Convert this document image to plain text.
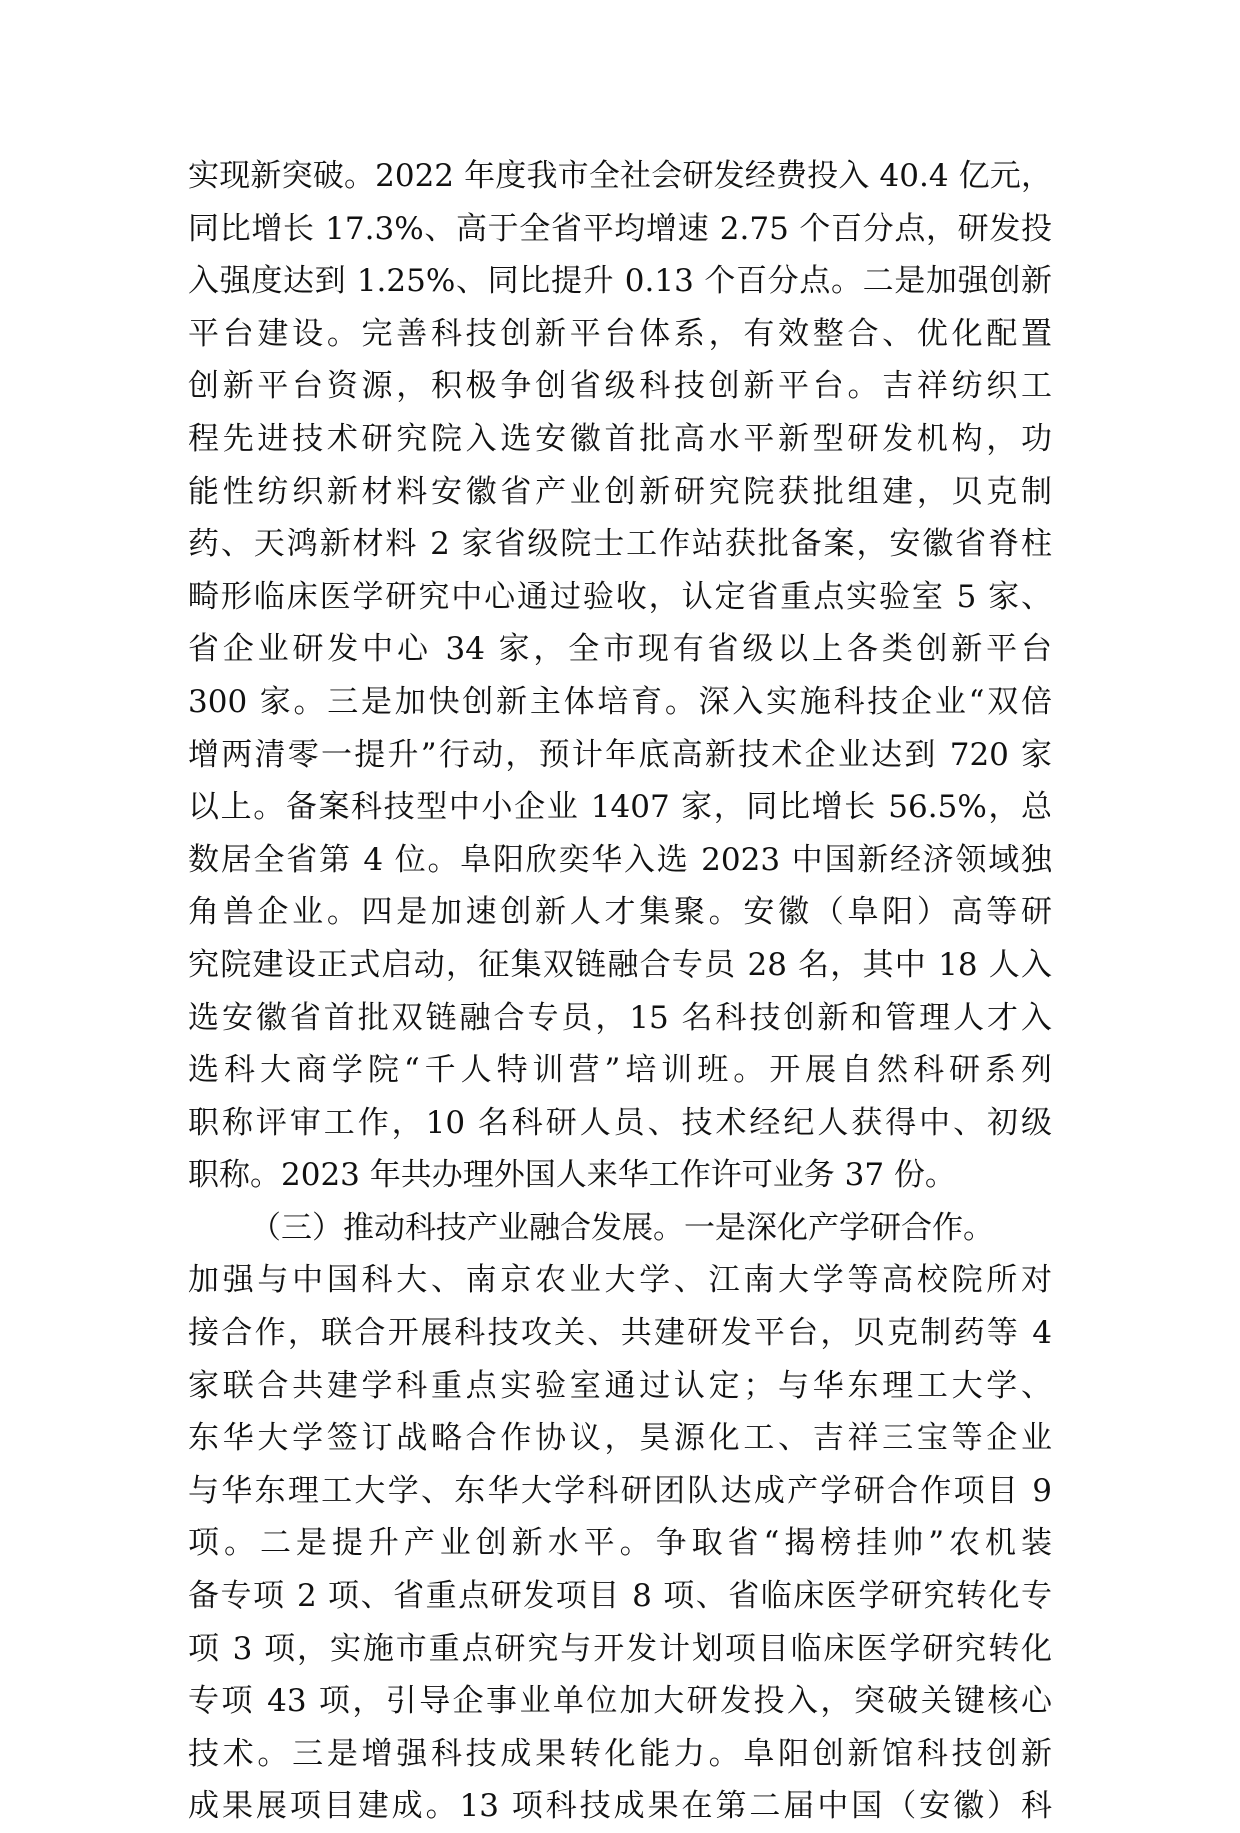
实现新突破。2022 年度我市全社会研发经费投入 40.4 亿元，
同比增长 17.3%、高于全省平均增速 2.75 个百分点，研发投
入强度达到 1.25%、同比提升 0.13 个百分点。二是加强创新
平台建设。完善科技创新平台体系，有效整合、优化配置
创新平台资源，积极争创省级科技创新平台。吉祥纺织工
程先进技术研究院入选安徽首批高水平新型研发机构，功
能性纺织新材料安徽省产业创新研究院获批组建，贝克制
药、天鸿新材料 2 家省级院士工作站获批备案，安徽省脊柱
畸形临床医学研究中心通过验收，认定省重点实验室 5 家、
省企业研发中心 34 家，全市现有省级以上各类创新平台
300 家。三是加快创新主体培育。深入实施科技企业“双倍
增两清零一提升”行动，预计年底高新技术企业达到 720 家
以上。备案科技型中小企业 1407 家，同比增长 56.5%，总
数居全省第 4 位。阜阳欣奕华入选 2023 中国新经济领域独
角兽企业。四是加速创新人才集聚。安徽（阜阳）高等研
究院建设正式启动，征集双链融合专员 28 名，其中 18 人入
选安徽省首批双链融合专员，15 名科技创新和管理人才入
选科大商学院“千人特训营”培训班。开展自然科研系列
职称评审工作，10 名科研人员、技术经纪人获得中、初级
职称。2023 年共办理外国人来华工作许可业务 37 份。
（三）推动科技产业融合发展。一是深化产学研合作。
加强与中国科大、南京农业大学、江南大学等高校院所对
接合作，联合开展科技攻关、共建研发平台，贝克制药等 4
家联合共建学科重点实验室通过认定；与华东理工大学、
东华大学签订战略合作协议，昊源化工、吉祥三宝等企业
与华东理工大学、东华大学科研团队达成产学研合作项目 9
项。二是提升产业创新水平。争取省“揭榜挂帅”农机装
备专项 2 项、省重点研发项目 8 项、省临床医学研究转化专
项 3 项，实施市重点研究与开发计划项目临床医学研究转化
专项 43 项，引导企事业单位加大研发投入，突破关键核心
技术。三是增强科技成果转化能力。阜阳创新馆科技创新
成果展项目建成。13 项科技成果在第二届中国（安徽）科
